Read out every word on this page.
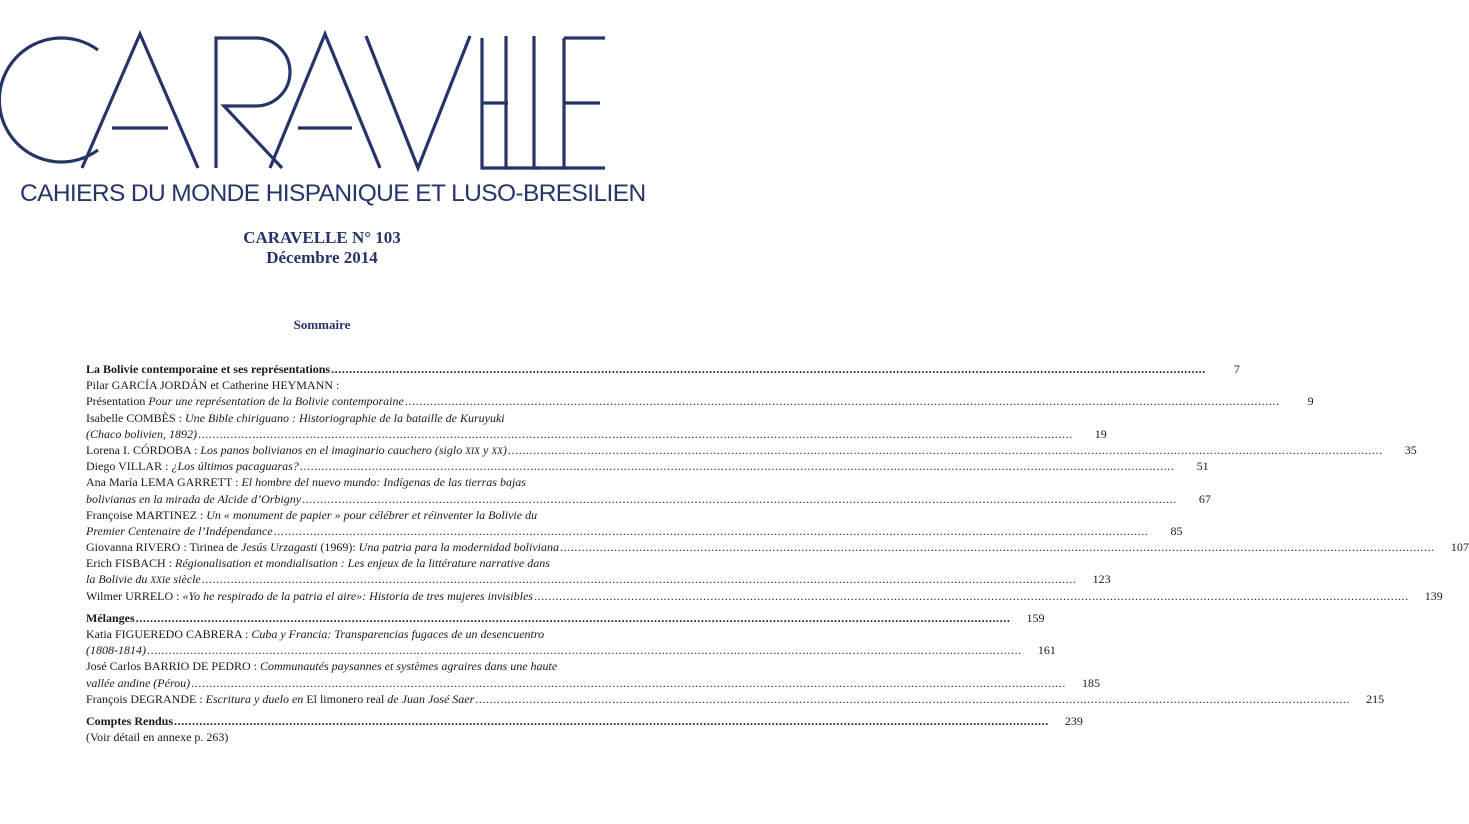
CAHIERS DU MONDE HISPANIQUE ET LUSO-BRESILIEN
CARAVELLE N° 103
Décembre 2014
Sommaire
La Bolivie contemporaine et ses représentations .....	7
Pilar GARCÍA JORDÁN et Catherine HEYMANN :
Présentation Pour une représentation de la Bolivie contemporaine .....	9
Isabelle COMBÈS : Une Bible chiriguano : Historiographie de la bataille de Kuruyuki
(Chaco bolivien, 1892) .....	19
Lorena I. CÓRDOBA : Los panos bolivianos en el imaginario cauchero (siglo XIX y XX) .....	35
Diego VILLAR : ¿Los últimos pacaguaras? .....	51
Ana María LEMA GARRETT : El hombre del nuevo mundo: Indígenas de las tierras bajas
bolivianas en la mirada de Alcide d’Orbigny .....	67
Françoise MARTINEZ : Un « monument de papier » pour célébrer et réinventer la Bolivie du
Premier Centenaire de l’Indépendance .....	85
Giovanna RIVERO : Tirinea de Jesús Urzagasti (1969): Una patria para la modernidad boliviana .....	107
Erich FISBACH : Régionalisation et mondialisation : Les enjeux de la littérature narrative dans
la Bolivie du XXIe siècle .....	123
Wilmer URRELO : «Yo he respirado de la patria el aire»: Historia de tres mujeres invisibles .....	139
Mélanges .....	159
Katia FIGUEREDO CABRERA : Cuba y Francia: Transparencias fugaces de un desencuentro
(1808-1814) .....	161
José Carlos BARRIO DE PEDRO : Communautés paysannes et systèmes agraires dans une haute
vallée andine (Pérou) .....	185
François DEGRANDE : Escritura y duelo en El limonero real de Juan José Saer .....	215
Comptes Rendus .....	239
(Voir détail en annexe p. 263)
